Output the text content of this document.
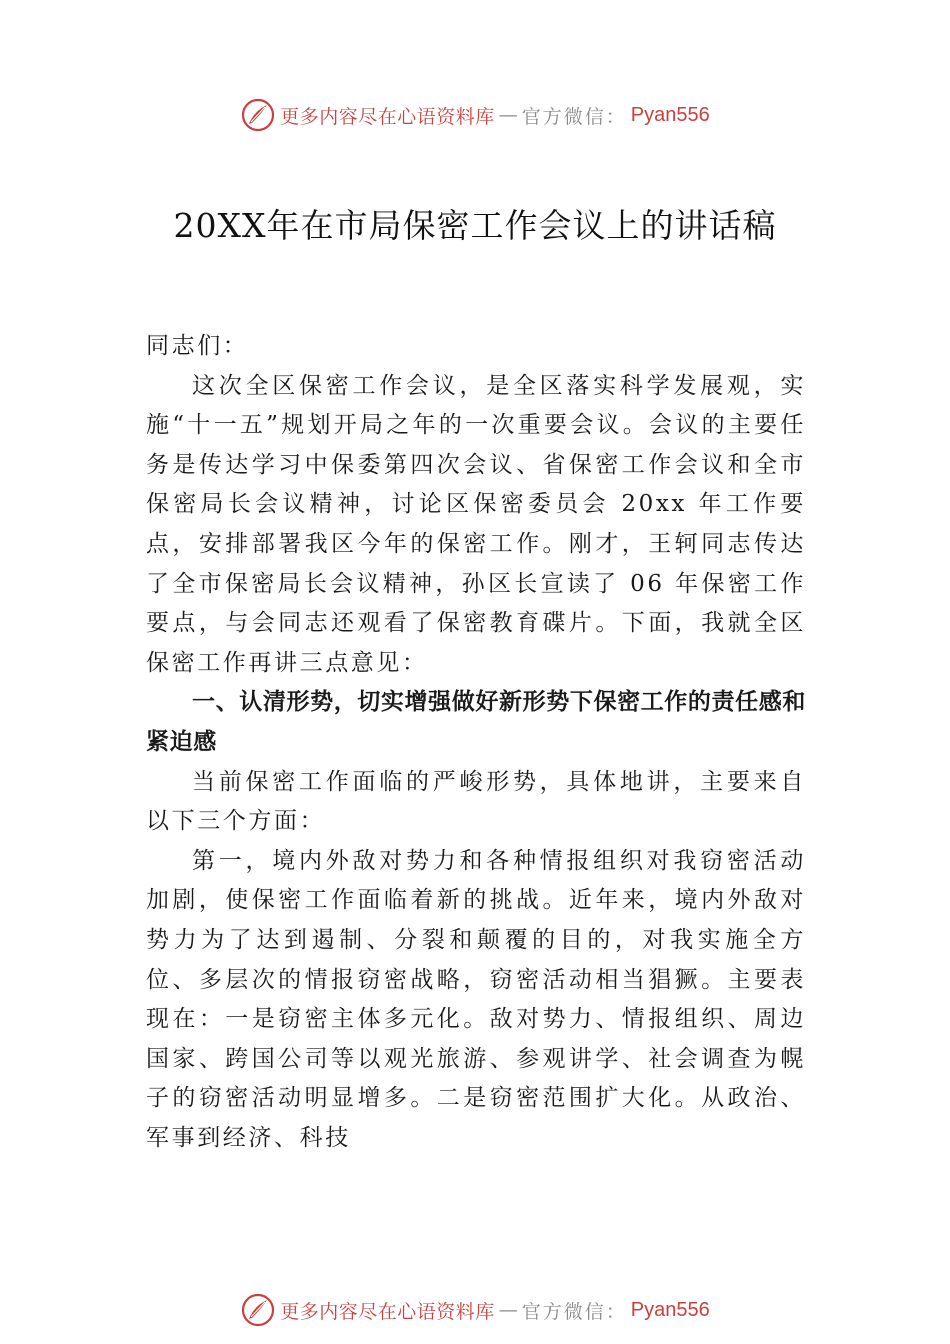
更多内容尽在心语资料库 — 官方微信： Pyan556
20XX年在市局保密工作会议上的讲话稿

同志们：

这次全区保密工作会议，是全区落实科学发展观，实施“十一五”规划开局之年的一次重要会议。会议的主要任务是传达学习中保委第四次会议、省保密工作会议和全市保密局长会议精神，讨论区保密委员会 20xx 年工作要点，安排部署我区今年的保密工作。刚才，王轲同志传达了全市保密局长会议精神，孙区长宣读了 06 年保密工作要点，与会同志还观看了保密教育碟片。下面，我就全区保密工作再讲三点意见：

一、认清形势，切实增强做好新形势下保密工作的责任感和紧迫感

当前保密工作面临的严峻形势，具体地讲，主要来自以下三个方面：

第一，境内外敌对势力和各种情报组织对我窃密活动加剧，使保密工作面临着新的挑战。近年来，境内外敌对势力为了达到遏制、分裂和颠覆的目的，对我实施全方位、多层次的情报窃密战略，窃密活动相当猖獗。主要表现在：一是窃密主体多元化。敌对势力、情报组织、周边国家、跨国公司等以观光旅游、参观讲学、社会调查为幌子的窃密活动明显增多。二是窃密范围扩大化。从政治、军事到经济、科技

更多内容尽在心语资料库 — 官方微信： Pyan556
